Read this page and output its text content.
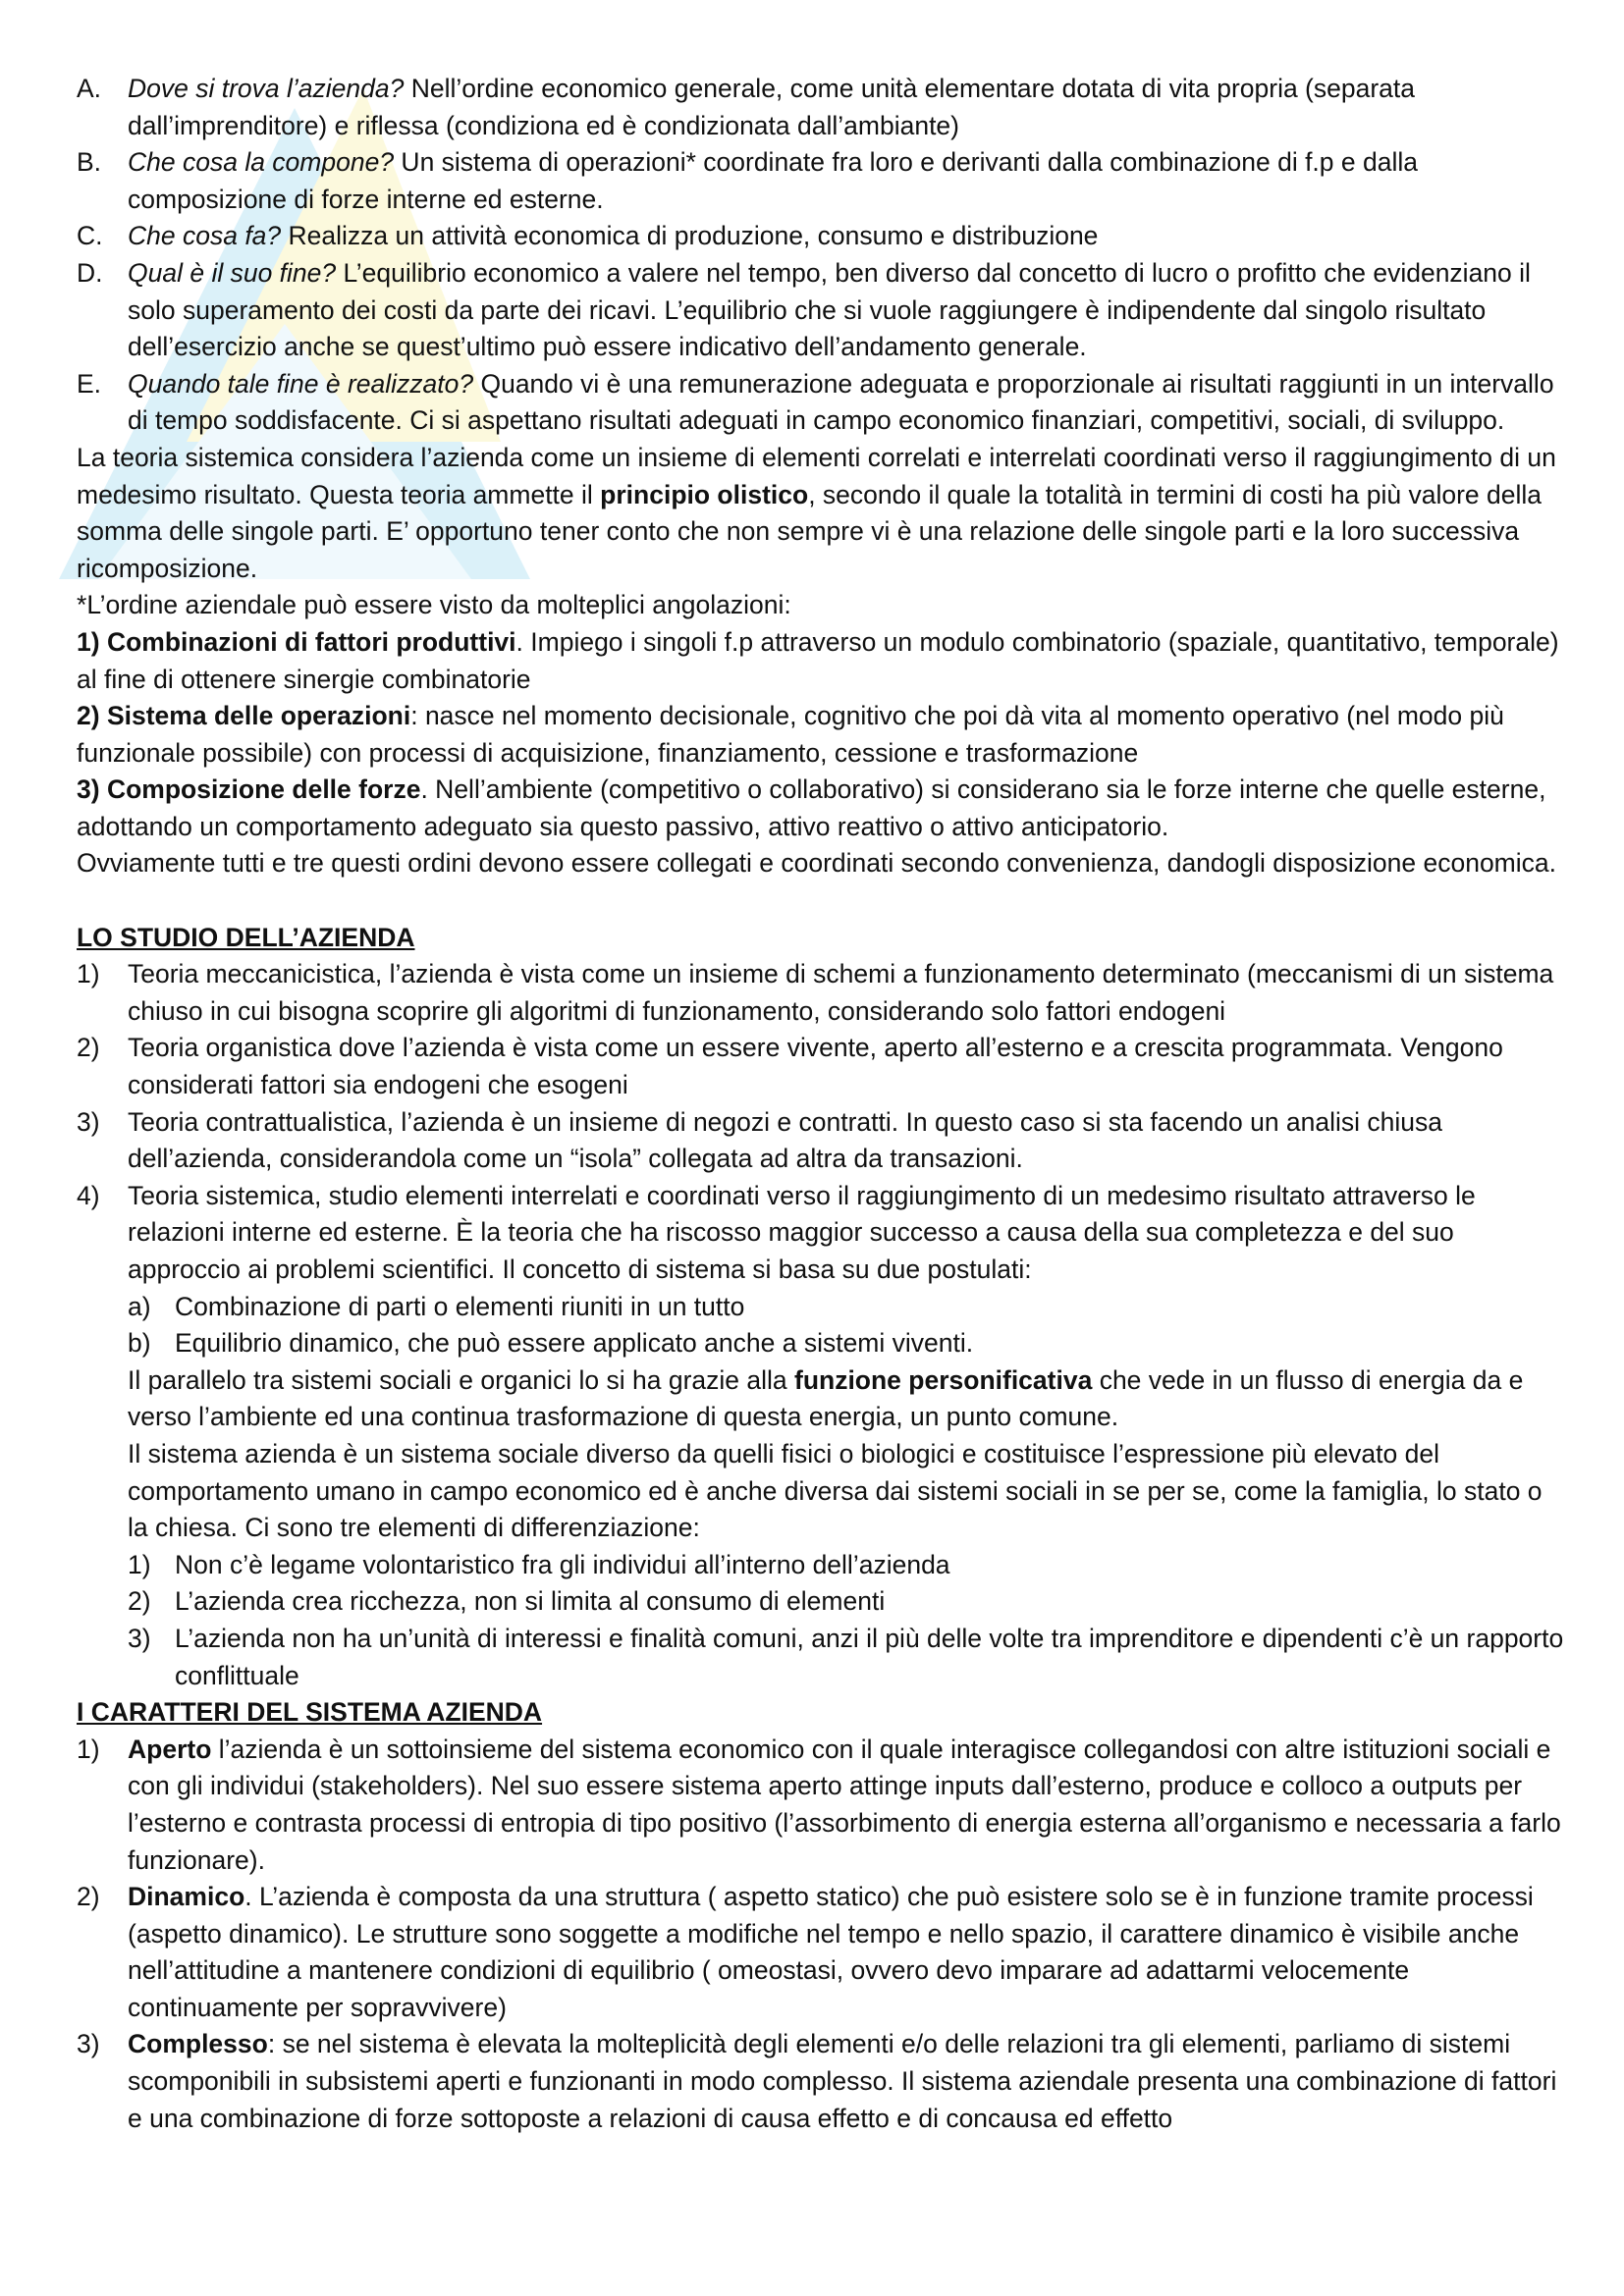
A.	Dove si trova l’azienda? Nell’ordine economico generale, come unità elementare dotata di vita propria (separata dall’imprenditore) e riflessa (condiziona ed è condizionata dall’ambiante)
B.	Che cosa la compone? Un sistema di operazioni* coordinate fra loro e derivanti dalla combinazione di f.p e dalla composizione di forze interne ed esterne.
C. Che cosa fa? Realizza un attività economica di produzione, consumo e distribuzione
D. Qual è il suo fine? L’equilibrio economico a valere nel tempo, ben diverso dal concetto di lucro o profitto che evidenziano il solo superamento dei costi da parte dei ricavi. L’equilibrio che si vuole raggiungere è indipendente dal singolo risultato dell’esercizio anche se quest’ultimo può essere indicativo dell’andamento generale.
E.	Quando tale fine è realizzato? Quando vi è una remunerazione adeguata e proporzionale ai risultati raggiunti in un intervallo di tempo soddisfacente. Ci si aspettano risultati adeguati in campo economico finanziari, competitivi, sociali, di sviluppo.

La teoria sistemica considera l’azienda come un insieme di elementi correlati e interrelati coordinati verso il raggiungimento di un medesimo risultato. Questa teoria ammette il principio olistico, secondo il quale la totalità in termini di costi ha più valore della somma delle singole parti. E’ opportuno tener conto che non sempre vi è una relazione delle singole parti e la loro successiva ricomposizione.

*L’ordine aziendale può essere visto da molteplici angolazioni:

1) Combinazioni di fattori produttivi. Impiego i singoli f.p attraverso un modulo combinatorio (spaziale, quantitativo, temporale) al fine di ottenere sinergie combinatorie

2) Sistema delle operazioni: nasce nel momento decisionale, cognitivo che poi dà vita al momento operativo (nel modo più funzionale possibile) con processi di acquisizione, finanziamento, cessione e trasformazione

3) Composizione delle forze. Nell’ambiente (competitivo o collaborativo) si considerano sia le forze interne che quelle esterne, adottando un comportamento adeguato sia questo passivo, attivo reattivo o attivo anticipatorio.

Ovviamente tutti e tre questi ordini devono essere collegati e coordinati secondo convenienza, dandogli disposizione economica.

LO STUDIO DELL’AZIENDA

1)	Teoria meccanicistica, l’azienda è vista come un insieme di schemi a funzionamento determinato (meccanismi di un sistema chiuso in cui bisogna scoprire gli algoritmi di funzionamento, considerando solo fattori endogeni
2)	Teoria organistica dove l’azienda è vista come un essere vivente, aperto all’esterno e a crescita programmata. Vengono considerati fattori sia endogeni che esogeni
3)	Teoria contrattualistica, l’azienda è un insieme di negozi e contratti. In questo caso si sta facendo un analisi chiusa dell’azienda, considerandola come un “isola” collegata ad altra da transazioni.
4)	Teoria sistemica, studio elementi interrelati e coordinati verso il raggiungimento di un medesimo risultato attraverso le relazioni interne ed esterne. È la teoria che ha riscosso maggior successo a causa della sua completezza e del suo approccio ai problemi scientifici. Il concetto di sistema si basa su due postulati:
a) Combinazione di parti o elementi riuniti in un tutto
b) Equilibrio dinamico, che può essere applicato anche a sistemi viventi.

Il parallelo tra sistemi sociali e organici lo si ha grazie alla funzione personificativa che vede in un flusso di energia da e verso l’ambiente ed una continua trasformazione di questa energia, un punto comune.

Il sistema azienda è un sistema sociale diverso da quelli fisici o biologici e costituisce l’espressione più elevato del comportamento umano in campo economico ed è anche diversa dai sistemi sociali in se per se, come la famiglia, lo stato o la chiesa. Ci sono tre elementi di differenziazione:

1) Non c’è legame volontaristico fra gli individui all’interno dell’azienda
2) L’azienda crea ricchezza, non si limita al consumo di elementi
3) L’azienda non ha un’unità di interessi e finalità comuni, anzi il più delle volte tra imprenditore e dipendenti c’è un rapporto conflittuale

I CARATTERI DEL SISTEMA AZIENDA

1)	Aperto l’azienda è un sottoinsieme del sistema economico con il quale interagisce collegandosi con altre istituzioni sociali e con gli individui (stakeholders). Nel suo essere sistema aperto attinge inputs dall’esterno, produce e colloco a outputs per l’esterno e contrasta processi di entropia di tipo positivo (l’assorbimento di energia esterna all’organismo e necessaria a farlo funzionare).
2)	Dinamico. L’azienda è composta da una struttura ( aspetto statico) che può esistere solo se è in funzione tramite processi (aspetto dinamico). Le strutture sono soggette a modifiche nel tempo e nello spazio, il carattere dinamico è visibile anche nell’attitudine a mantenere condizioni di equilibrio ( omeostasi, ovvero devo imparare ad adattarmi velocemente continuamente per sopravvivere)
3)	Complesso: se nel sistema è elevata la molteplicità degli elementi e/o delle relazioni tra gli elementi, parliamo di sistemi scomponibili in subsistemi aperti e funzionanti in modo complesso. Il sistema aziendale presenta una combinazione di fattori e una combinazione di forze sottoposte a relazioni di causa effetto e di concausa ed effetto
